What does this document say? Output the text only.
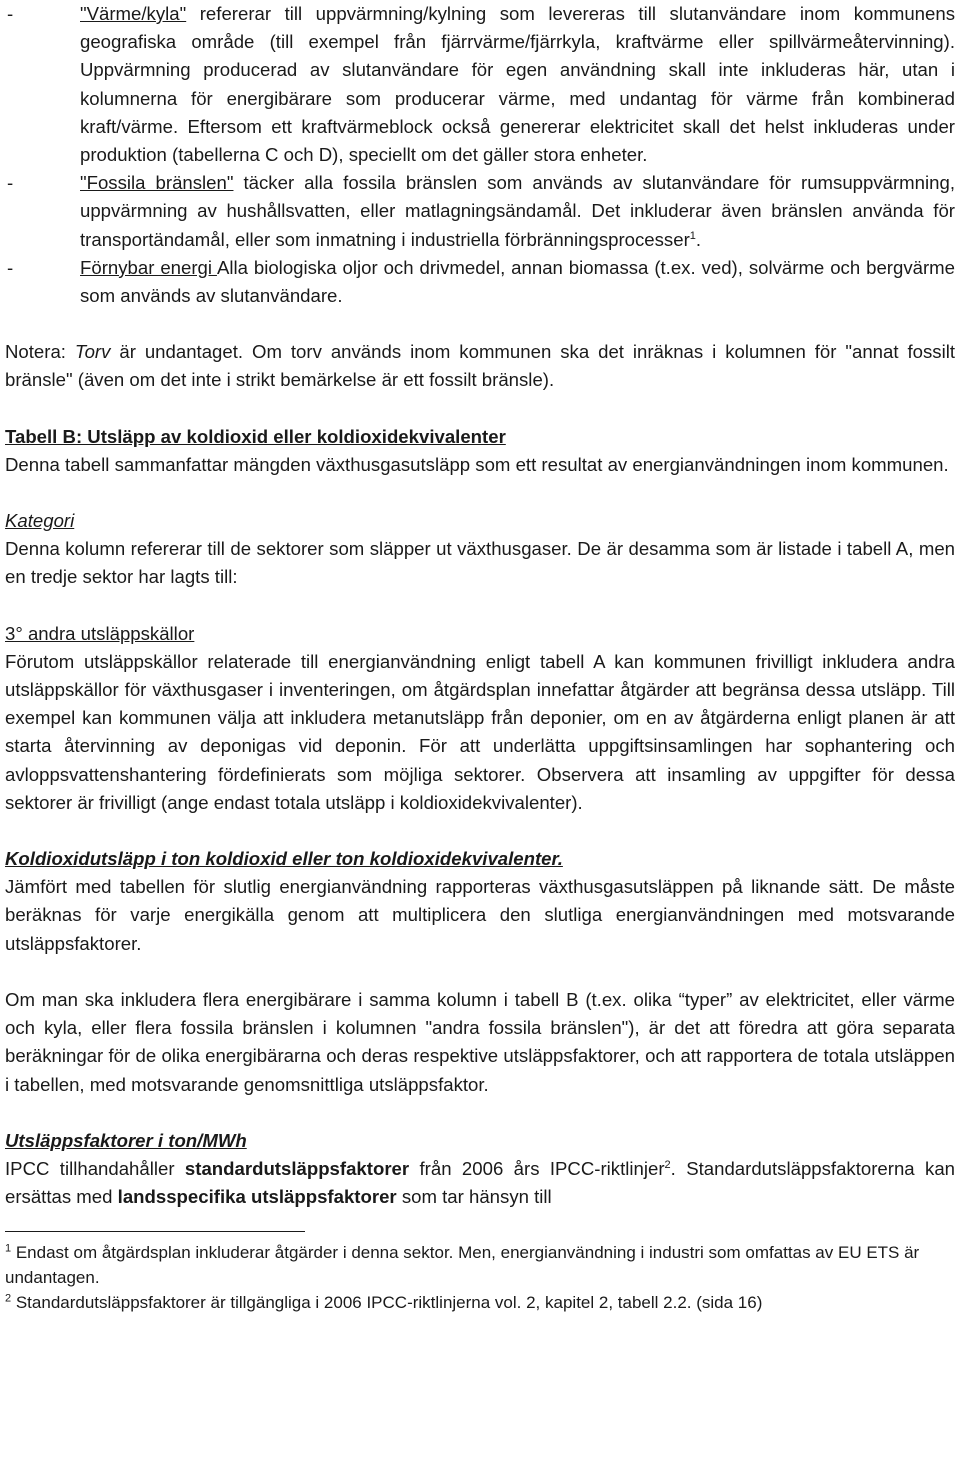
-	"Värme/kyla" refererar till uppvärmning/kylning som levereras till slutanvändare inom kommunens geografiska område (till exempel från fjärrvärme/fjärrkyla, kraftvärme eller spillvärmeåtervinning). Uppvärmning producerad av slutanvändare för egen användning skall inte inkluderas här, utan i kolumnerna för energibärare som producerar värme, med undantag för värme från kombinerad kraft/värme. Eftersom ett kraftvärmeblock också genererar elektricitet skall det helst inkluderas under produktion (tabellerna C och D), speciellt om det gäller stora enheter.

-	"Fossila bränslen" täcker alla fossila bränslen som används av slutanvändare för rumsuppvärmning, uppvärmning av hushållsvatten, eller matlagningsändamål. Det inkluderar även bränslen använda för transportändamål, eller som inmatning i industriella förbränningsprocesser$^1$.

-	Förnybar energi Alla biologiska oljor och drivmedel, annan biomassa (t.ex. ved), solvärme och bergvärme som används av slutanvändare.

Notera: Torv är undantaget. Om torv används inom kommunen ska det inräknas i kolumnen för "annat fossilt bränsle" (även om det inte i strikt bemärkelse är ett fossilt bränsle).

Tabell B: Utsläpp av koldioxid eller koldioxidekvivalenter

Denna tabell sammanfattar mängden växthusgasutsläpp som ett resultat av energianvändningen inom kommunen.

Kategori

Denna kolumn refererar till de sektorer som släpper ut växthusgaser. De är desamma som är listade i tabell A, men en tredje sektor har lagts till:

3° andra utsläppskällor

Förutom utsläppskällor relaterade till energianvändning enligt tabell A kan kommunen frivilligt inkludera andra utsläppskällor för växthusgaser i inventeringen, om åtgärdsplan innefattar åtgärder att begränsa dessa utsläpp. Till exempel kan kommunen välja att inkludera metanutsläpp från deponier, om en av åtgärderna enligt planen är att starta återvinning av deponigas vid deponin. För att underlätta uppgiftsinsamlingen har sophantering och avloppsvattenshantering fördefinierats som möjliga sektorer. Observera att insamling av uppgifter för dessa sektorer är frivilligt (ange endast totala utsläpp i koldioxidekvivalenter).

Koldioxidutsläpp i ton koldioxid eller ton koldioxidekvivalenter.

Jämfört med tabellen för slutlig energianvändning rapporteras växthusgasutsläppen på liknande sätt. De måste beräknas för varje energikälla genom att multiplicera den slutliga energianvändningen med motsvarande utsläppsfaktorer.

Om man ska inkludera flera energibärare i samma kolumn i tabell B (t.ex. olika “typer” av elektricitet, eller värme och kyla, eller flera fossila bränslen i kolumnen "andra fossila bränslen"), är det att föredra att göra separata beräkningar för de olika energibärarna och deras respektive utsläppsfaktorer, och att rapportera de totala utsläppen i tabellen, med motsvarande genomsnittliga utsläppsfaktor.

Utsläppsfaktorer i ton/MWh

IPCC tillhandahåller standardutsläppsfaktorer från 2006 års IPCC-riktlinjer$^2$. Standardutsläppsfaktorerna kan ersättas med landsspecifika utsläppsfaktorer som tar hänsyn till

$^1$ Endast om åtgärdsplan inkluderar åtgärder i denna sektor. Men, energianvändning i industri som omfattas av EU ETS är undantagen.

$^2$ Standardutsläppsfaktorer är tillgängliga i 2006 IPCC-riktlinjerna vol. 2, kapitel 2, tabell 2.2. (sida 16)
